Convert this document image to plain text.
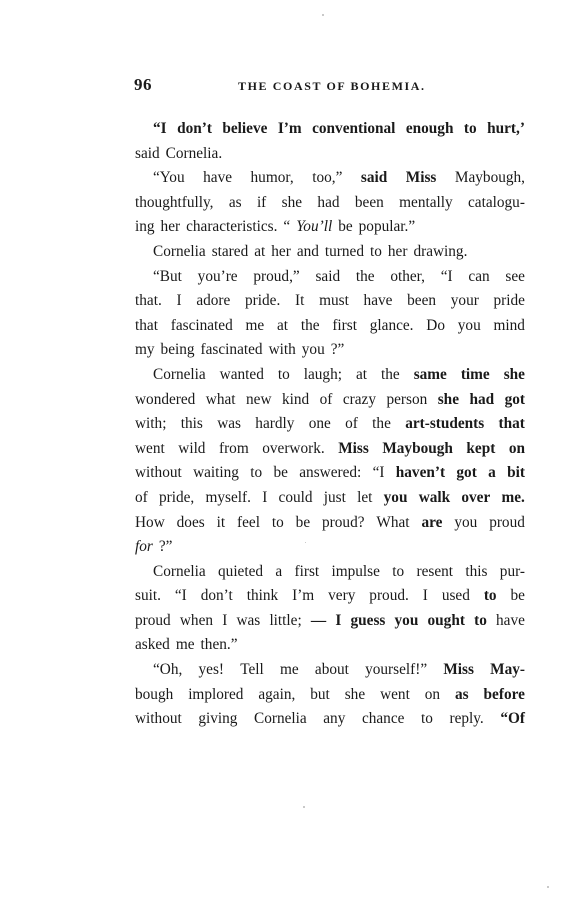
96	THE COAST OF BOHEMIA.
“I don’t believe I’m conventional enough to hurt,’
said Cornelia.
“You have humor, too,” said Miss Maybough,
thoughtfully, as if she had been mentally catalogu-
ing her characteristics. “ You’ll be popular.”
Cornelia stared at her and turned to her drawing.
“But you’re proud,” said the other, “I can see
that. I adore pride. It must have been your pride
that fascinated me at the first glance. Do you mind
my being fascinated with you ?”
Cornelia wanted to laugh; at the same time she
wondered what new kind of crazy person she had got
with; this was hardly one of the art-students that
went wild from overwork. Miss Maybough kept on
without waiting to be answered: “I haven’t got a bit
of pride, myself. I could just let you walk over me.
How does it feel to be proud? What are you proud
for ?”
Cornelia quieted a first impulse to resent this pur-
suit. “I don’t think I’m very proud. I used to be
proud when I was little; — I guess you ought to have
asked me then.”
“Oh, yes! Tell me about yourself!” Miss May-
bough implored again, but she went on as before
without giving Cornelia any chance to reply. “Of
